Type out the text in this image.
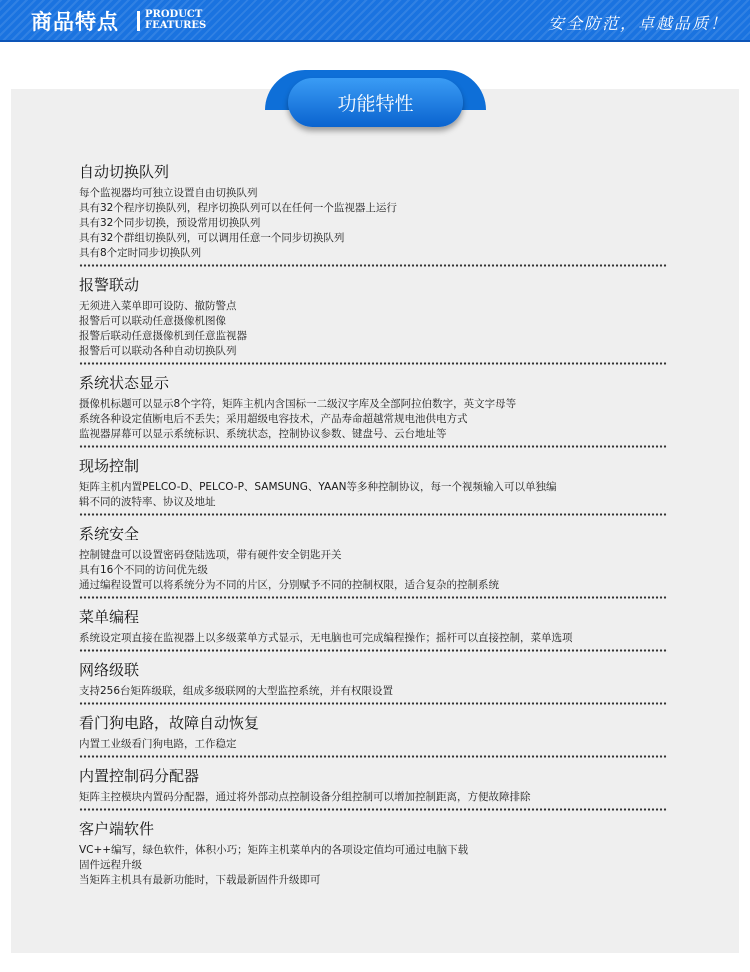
商品特点	PRODUCT
FEATURES	安全防范，卓越品质！
功能特性
自动切换队列
每个监视器均可独立设置自由切换队列
具有32个程序切换队列，程序切换队列可以在任何一个监视器上运行
具有32个同步切换，预设常用切换队列
具有32个群组切换队列，可以调用任意一个同步切换队列
具有8个定时同步切换队列
报警联动
无须进入菜单即可设防、撤防警点
报警后可以联动任意摄像机图像
报警后联动任意摄像机到任意监视器
报警后可以联动各种自动切换队列
系统状态显示
摄像机标题可以显示8个字符，矩阵主机内含国标一二级汉字库及全部阿拉伯数字，英文字母等
系统各种设定值断电后不丢失；采用超级电容技术，产品寿命超越常规电池供电方式
监视器屏幕可以显示系统标识、系统状态，控制协议参数、键盘号、云台地址等
现场控制
矩阵主机内置PELCO-D、PELCO-P、SAMSUNG、YAAN等多种控制协议，每一个视频输入可以单独编
辑不同的波特率、协议及地址
系统安全
控制键盘可以设置密码登陆选项，带有硬件安全钥匙开关
具有16个不同的访问优先级
通过编程设置可以将系统分为不同的片区，分别赋予不同的控制权限，适合复杂的控制系统
菜单编程
系统设定项直接在监视器上以多级菜单方式显示，无电脑也可完成编程操作；摇杆可以直接控制，菜单选项
网络级联
支持256台矩阵级联，组成多级联网的大型监控系统，并有权限设置
看门狗电路，故障自动恢复
内置工业级看门狗电路，工作稳定
内置控制码分配器
矩阵主控模块内置码分配器，通过将外部动点控制设备分组控制可以增加控制距离，方便故障排除
客户端软件
VC++编写，绿色软件，体积小巧；矩阵主机菜单内的各项设定值均可通过电脑下载
固件远程升级
当矩阵主机具有最新功能时，下载最新固件升级即可
